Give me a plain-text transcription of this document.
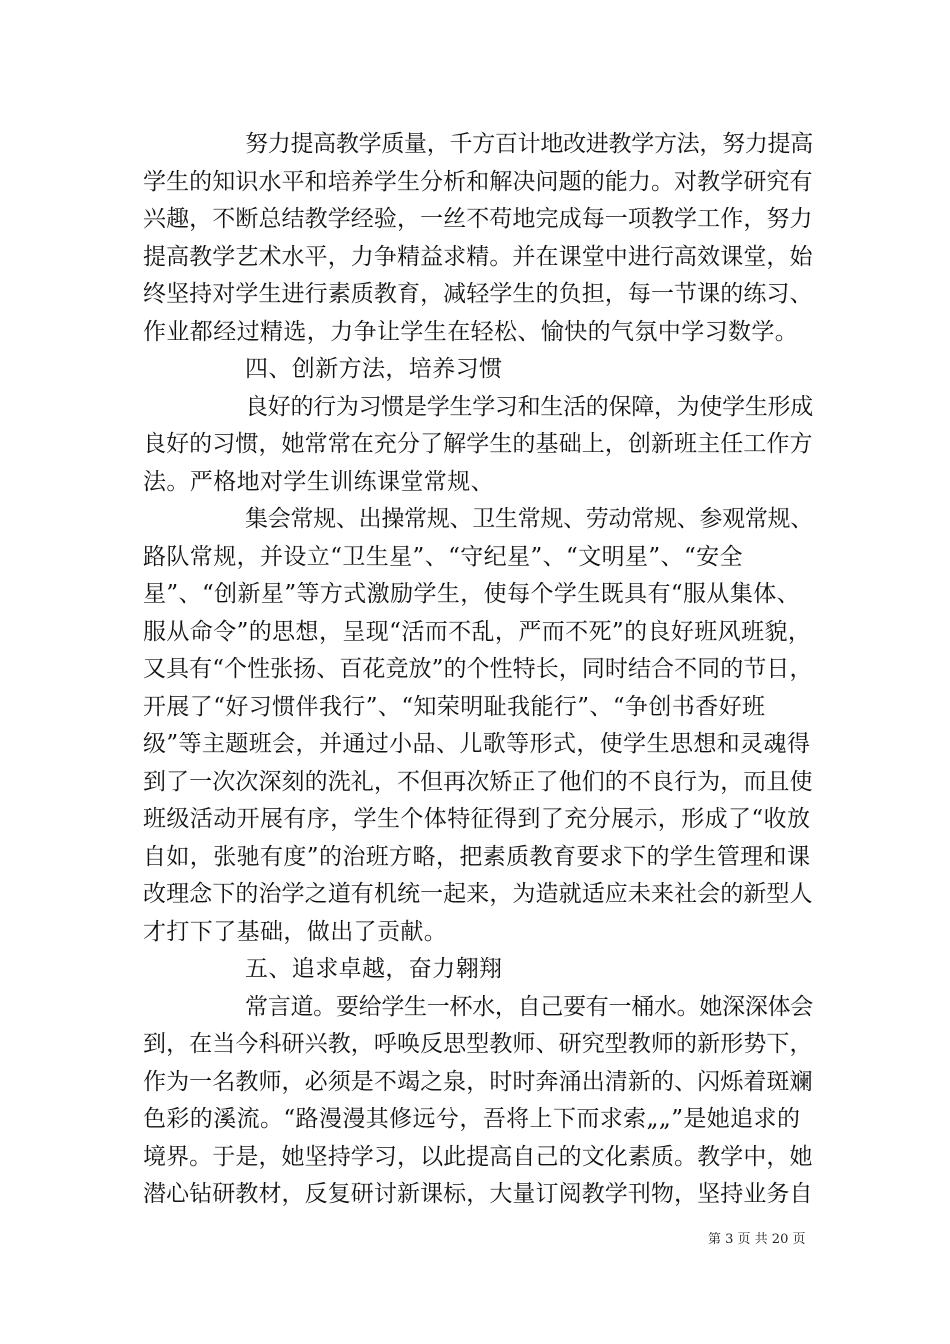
努力提高教学质量，千方百计地改进教学方法，努力提高
学生的知识水平和培养学生分析和解决问题的能力。对教学研究有
兴趣，不断总结教学经验，一丝不苟地完成每一项教学工作，努力
提高教学艺术水平，力争精益求精。并在课堂中进行高效课堂，始
终坚持对学生进行素质教育，减轻学生的负担，每一节课的练习、
作业都经过精选，力争让学生在轻松、愉快的气氛中学习数学。
四、创新方法，培养习惯
良好的行为习惯是学生学习和生活的保障，为使学生形成
良好的习惯，她常常在充分了解学生的基础上，创新班主任工作方
法。严格地对学生训练课堂常规、
集会常规、出操常规、卫生常规、劳动常规、参观常规、
路队常规，并设立“卫生星”、“守纪星”、“文明星”、“安全
星”、“创新星”等方式激励学生，使每个学生既具有“服从集体、
服从命令”的思想，呈现“活而不乱，严而不死”的良好班风班貌，
又具有“个性张扬、百花竞放”的个性特长，同时结合不同的节日，
开展了“好习惯伴我行”、“知荣明耻我能行”、“争创书香好班
级”等主题班会，并通过小品、儿歌等形式，使学生思想和灵魂得
到了一次次深刻的洗礼，不但再次矫正了他们的不良行为，而且使
班级活动开展有序，学生个体特征得到了充分展示，形成了“收放
自如，张驰有度”的治班方略，把素质教育要求下的学生管理和课
改理念下的治学之道有机统一起来，为造就适应未来社会的新型人
才打下了基础，做出了贡献。
五、追求卓越，奋力翱翔
常言道。要给学生一杯水，自己要有一桶水。她深深体会
到，在当今科研兴教，呼唤反思型教师、研究型教师的新形势下，
作为一名教师，必须是不竭之泉，时时奔涌出清新的、闪烁着斑斓
色彩的溪流。“路漫漫其修远兮，吾将上下而求索„„”是她追求的
境界。于是，她坚持学习，以此提高自己的文化素质。教学中，她
潜心钻研教材，反复研讨新课标，大量订阅教学刊物，坚持业务自
第 3 页 共 20 页
